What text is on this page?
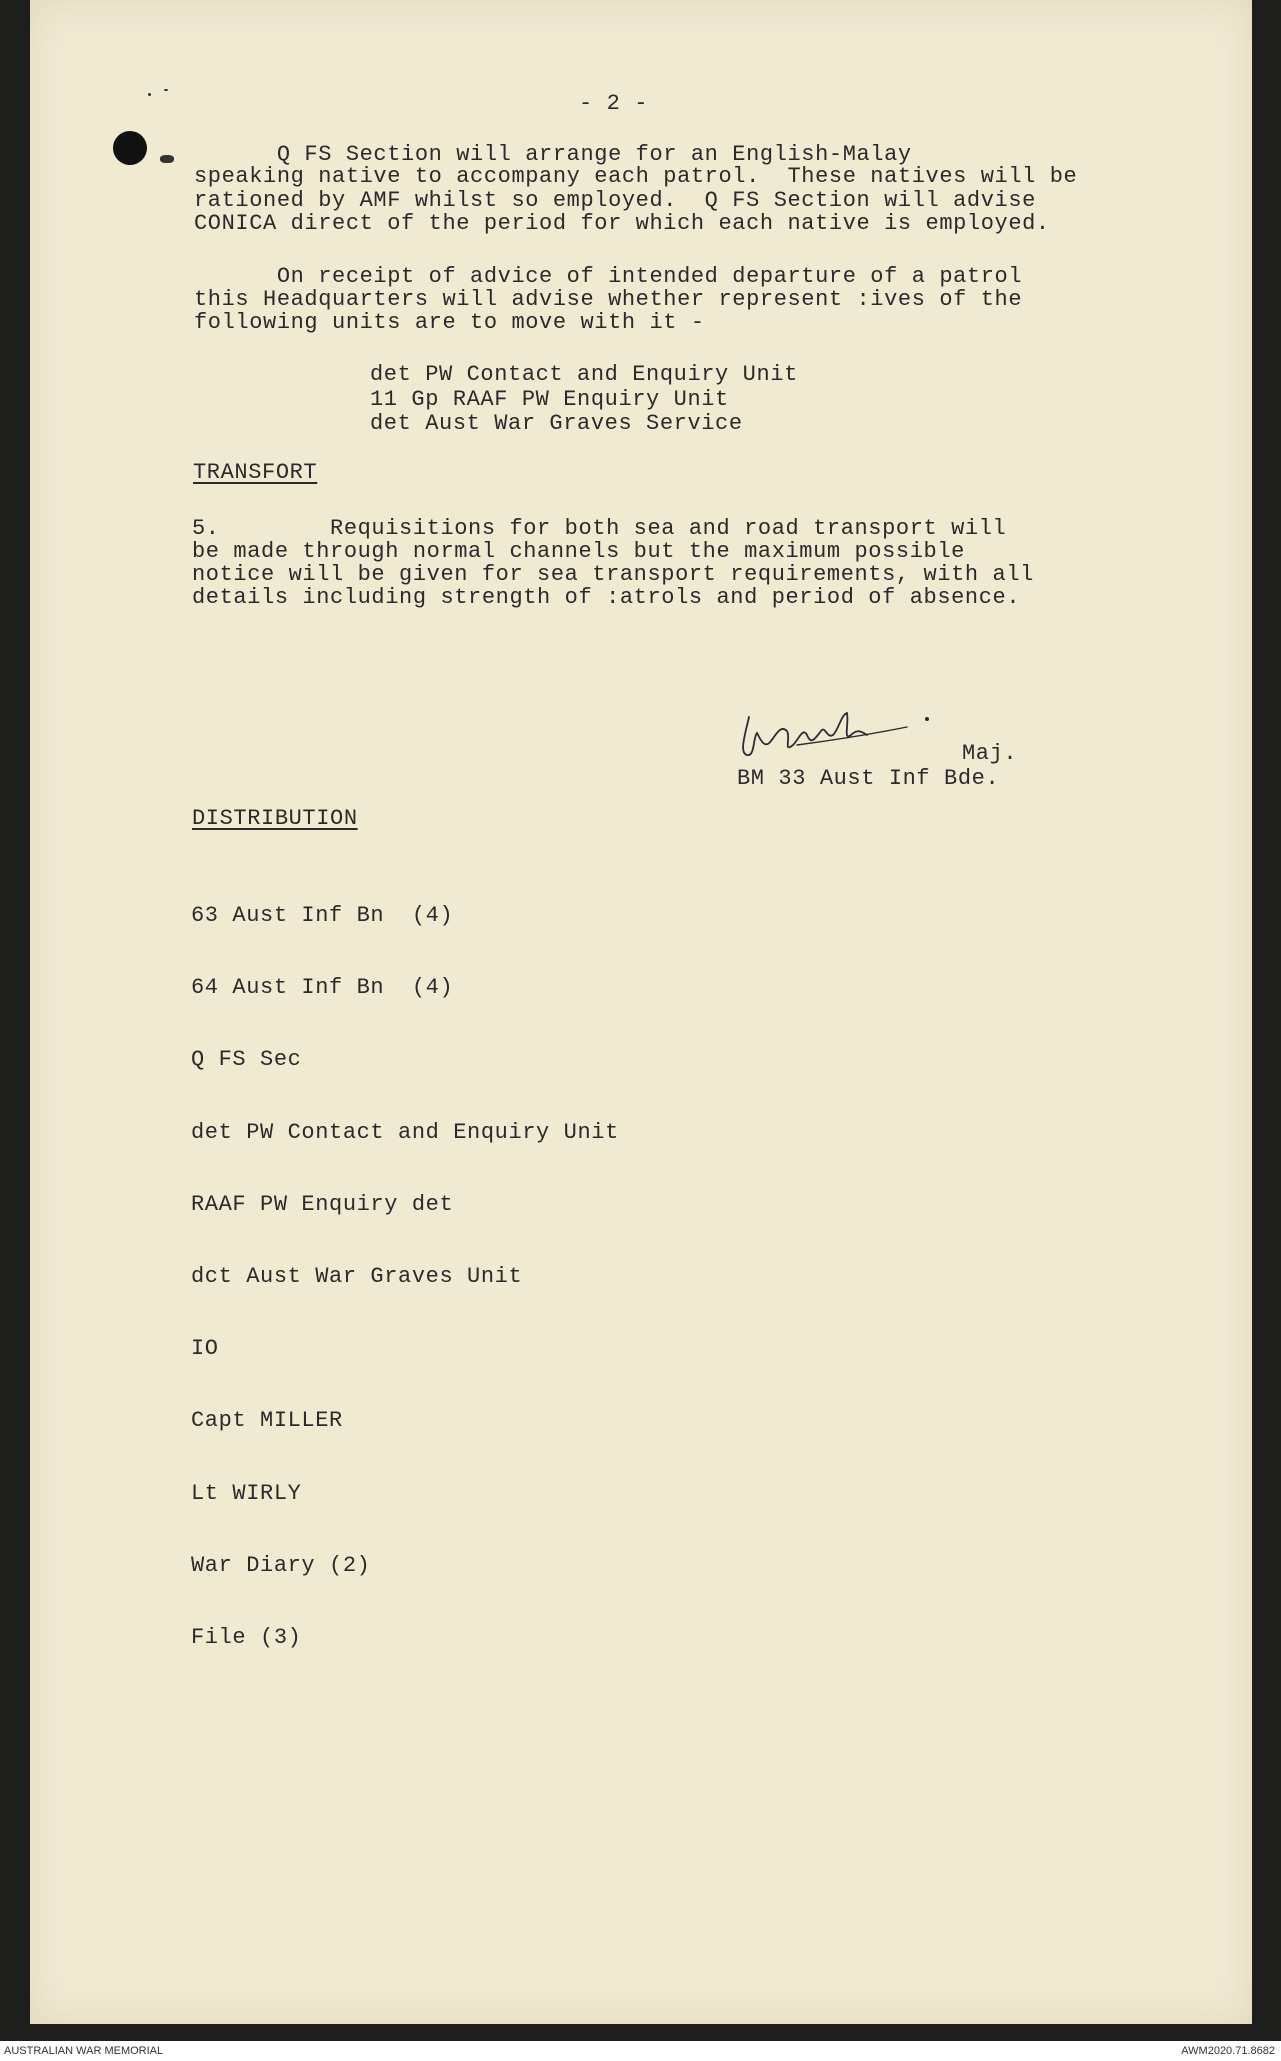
- 2 -

Q FS Section will arrange for an English-Malay

speaking native to accompany each patrol.  These natives will be

rationed by AMF whilst so employed.  Q FS Section will advise

CONICA direct of the period for which each native is employed.

On receipt of advice of intended departure of a patrol

this Headquarters will advise whether represent :ives of the

following units are to move with it -

det PW Contact and Enquiry Unit

11 Gp RAAF PW Enquiry Unit

det Aust War Graves Service

TRANSFORT

5.        Requisitions for both sea and road transport will

be made through normal channels but the maximum possible

notice will be given for sea transport requirements, with all

details including strength of :atrols and period of absence.

Maj.

BM 33 Aust Inf Bde.

DISTRIBUTION

63 Aust Inf Bn  (4)

64 Aust Inf Bn  (4)

Q FS Sec

det PW Contact and Enquiry Unit

RAAF PW Enquiry det

dct Aust War Graves Unit

IO

Capt MILLER

Lt WIRLY

War Diary (2)

File (3)

AUSTRALIAN WAR MEMORIAL	AWM2020.71.8682
